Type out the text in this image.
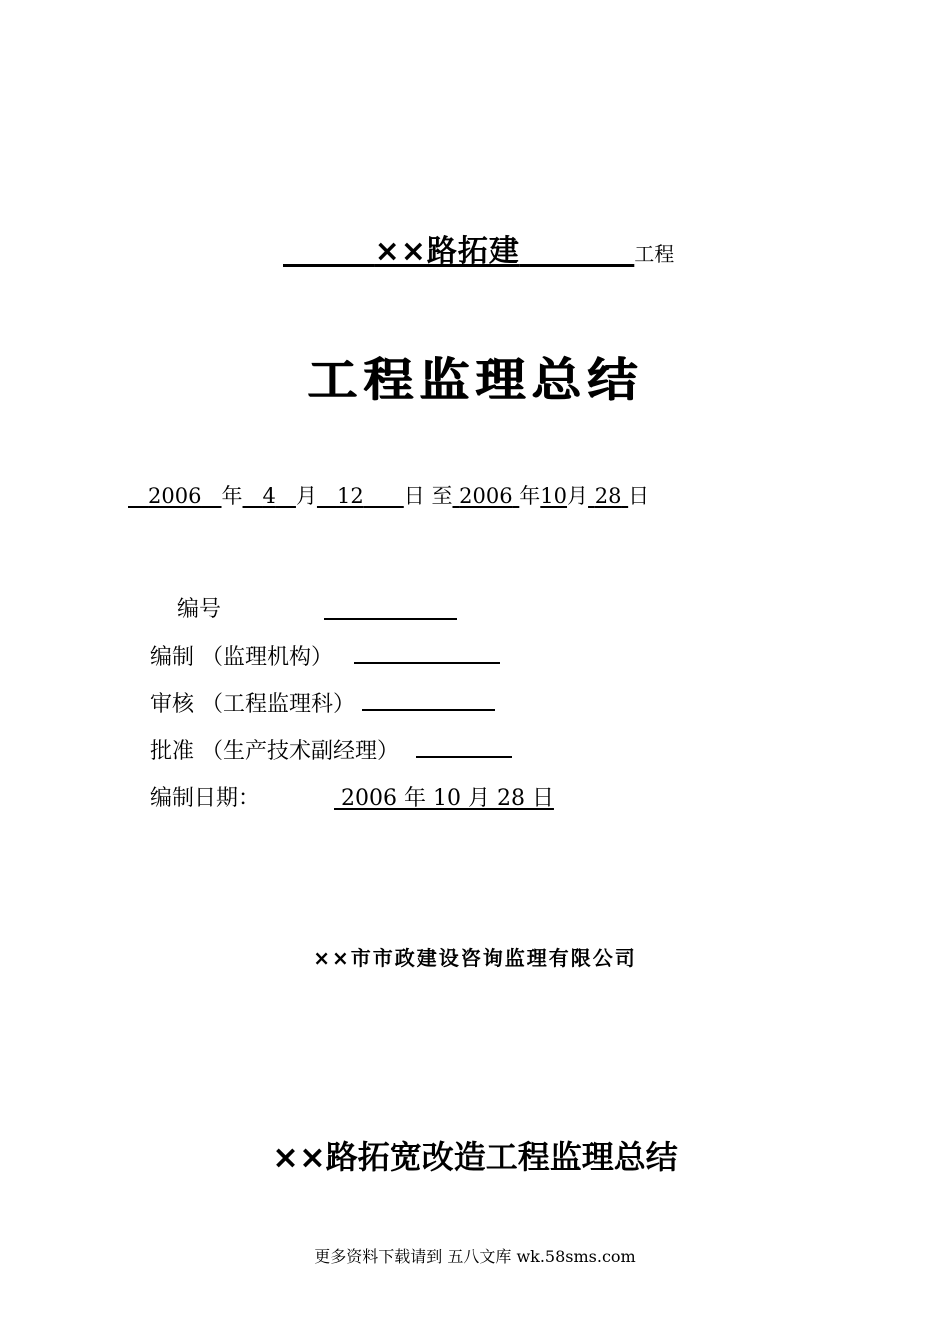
××路拓建	工程
工程监理总结
2006 年 4 月 12 日 至 2006 年10月 28 日
编号
编制 （监理机构）
审核 （工程监理科）
批准 （生产技术副经理）
编制日期：	2006 年 10 月 28 日
××市市政建设咨询监理有限公司
××路拓宽改造工程监理总结
更多资料下载请到 五八文库 wk.58sms.com
